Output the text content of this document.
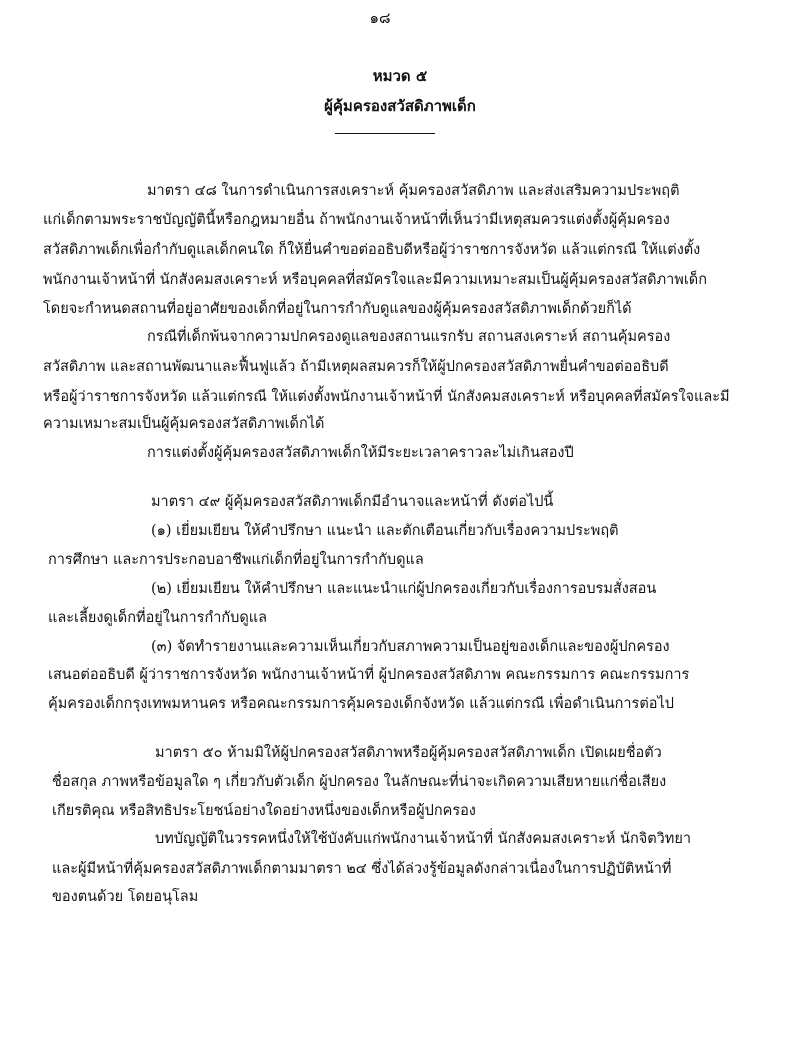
๑๘
หมวด ๕
ผู้คุ้มครองสวัสดิภาพเด็ก
มาตรา ๔๘ ในการดำเนินการสงเคราะห์ คุ้มครองสวัสดิภาพ และส่งเสริมความประพฤติ
แก่เด็กตามพระราชบัญญัตินี้หรือกฎหมายอื่น ถ้าพนักงานเจ้าหน้าที่เห็นว่ามีเหตุสมควรแต่งตั้งผู้คุ้มครอง
สวัสดิภาพเด็กเพื่อกำกับดูแลเด็กคนใด ก็ให้ยื่นคำขอต่ออธิบดีหรือผู้ว่าราชการจังหวัด แล้วแต่กรณี ให้แต่งตั้ง
พนักงานเจ้าหน้าที่ นักสังคมสงเคราะห์ หรือบุคคลที่สมัครใจและมีความเหมาะสมเป็นผู้คุ้มครองสวัสดิภาพเด็ก
โดยจะกำหนดสถานที่อยู่อาศัยของเด็กที่อยู่ในการกำกับดูแลของผู้คุ้มครองสวัสดิภาพเด็กด้วยก็ได้
กรณีที่เด็กพ้นจากความปกครองดูแลของสถานแรกรับ สถานสงเคราะห์ สถานคุ้มครอง
สวัสดิภาพ และสถานพัฒนาและฟื้นฟูแล้ว ถ้ามีเหตุผลสมควรก็ให้ผู้ปกครองสวัสดิภาพยื่นคำขอต่ออธิบดี
หรือผู้ว่าราชการจังหวัด แล้วแต่กรณี ให้แต่งตั้งพนักงานเจ้าหน้าที่ นักสังคมสงเคราะห์ หรือบุคคลที่สมัครใจและมี
ความเหมาะสมเป็นผู้คุ้มครองสวัสดิภาพเด็กได้
การแต่งตั้งผู้คุ้มครองสวัสดิภาพเด็กให้มีระยะเวลาคราวละไม่เกินสองปี
มาตรา ๔๙ ผู้คุ้มครองสวัสดิภาพเด็กมีอำนาจและหน้าที่ ดังต่อไปนี้
(๑) เยี่ยมเยียน ให้คำปรึกษา แนะนำ และตักเตือนเกี่ยวกับเรื่องความประพฤติ
การศึกษา และการประกอบอาชีพแก่เด็กที่อยู่ในการกำกับดูแล
(๒) เยี่ยมเยียน ให้คำปรึกษา และแนะนำแก่ผู้ปกครองเกี่ยวกับเรื่องการอบรมสั่งสอน
และเลี้ยงดูเด็กที่อยู่ในการกำกับดูแล
(๓) จัดทำรายงานและความเห็นเกี่ยวกับสภาพความเป็นอยู่ของเด็กและของผู้ปกครอง
เสนอต่ออธิบดี ผู้ว่าราชการจังหวัด พนักงานเจ้าหน้าที่ ผู้ปกครองสวัสดิภาพ คณะกรรมการ คณะกรรมการ
คุ้มครองเด็กกรุงเทพมหานคร หรือคณะกรรมการคุ้มครองเด็กจังหวัด แล้วแต่กรณี เพื่อดำเนินการต่อไป
มาตรา ๕๐ ห้ามมิให้ผู้ปกครองสวัสดิภาพหรือผู้คุ้มครองสวัสดิภาพเด็ก เปิดเผยชื่อตัว
ชื่อสกุล ภาพหรือข้อมูลใด ๆ เกี่ยวกับตัวเด็ก ผู้ปกครอง ในลักษณะที่น่าจะเกิดความเสียหายแก่ชื่อเสียง
เกียรติคุณ หรือสิทธิประโยชน์อย่างใดอย่างหนึ่งของเด็กหรือผู้ปกครอง
บทบัญญัติในวรรคหนึ่งให้ใช้บังคับแก่พนักงานเจ้าหน้าที่ นักสังคมสงเคราะห์ นักจิตวิทยา
และผู้มีหน้าที่คุ้มครองสวัสดิภาพเด็กตามมาตรา ๒๔ ซึ่งได้ล่วงรู้ข้อมูลดังกล่าวเนื่องในการปฏิบัติหน้าที่
ของตนด้วย โดยอนุโลม
